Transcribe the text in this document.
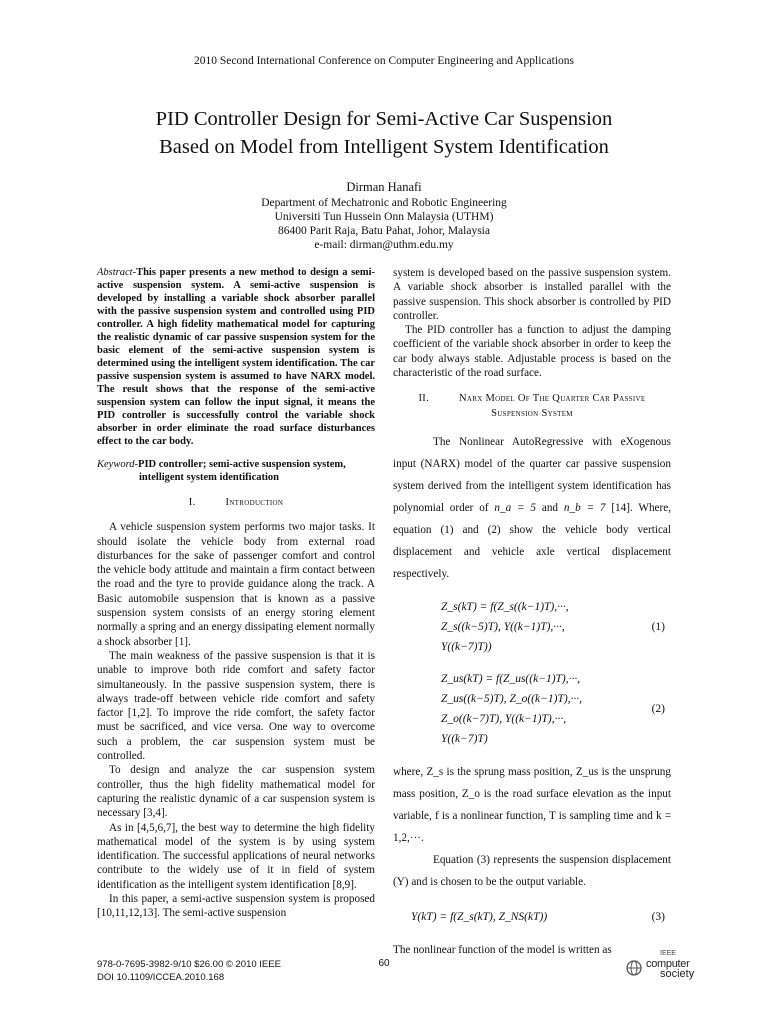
2010 Second International Conference on Computer Engineering and Applications
PID Controller Design for Semi-Active Car Suspension
Based on Model from Intelligent System Identification
Dirman Hanafi
Department of Mechatronic and Robotic Engineering
Universiti Tun Hussein Onn Malaysia (UTHM)
86400 Parit Raja, Batu Pahat, Johor, Malaysia
e-mail: dirman@uthm.edu.my

Abstract-This paper presents a new method to design a semi-active suspension system. A semi-active suspension is developed by installing a variable shock absorber parallel with the passive suspension system and controlled using PID controller. A high fidelity mathematical model for capturing the realistic dynamic of car passive suspension system for the basic element of the semi-active suspension system is determined using the intelligent system identification. The car passive suspension system is assumed to have NARX model. The result shows that the response of the semi-active suspension system can follow the input signal, it means the PID controller is successfully control the variable shock absorber in order eliminate the road surface disturbances effect to the car body.

Keyword-PID controller; semi-active suspension system,
intelligent system identification
I.	Introduction

A vehicle suspension system performs two major tasks. It should isolate the vehicle body from external road disturbances for the sake of passenger comfort and control the vehicle body attitude and maintain a firm contact between the road and the tyre to provide guidance along the track. A Basic automobile suspension that is known as a passive suspension system consists of an energy storing element normally a spring and an energy dissipating element normally a shock absorber [1].

The main weakness of the passive suspension is that it is unable to improve both ride comfort and safety factor simultaneously. In the passive suspension system, there is always trade-off between vehicle ride comfort and safety factor [1,2]. To improve the ride comfort, the safety factor must be sacrificed, and vice versa. One way to overcome such a problem, the car suspension system must be controlled.

To design and analyze the car suspension system controller, thus the high fidelity mathematical model for capturing the realistic dynamic of a car suspension system is necessary [3,4].

As in [4,5,6,7], the best way to determine the high fidelity mathematical model of the system is by using system identification. The successful applications of neural networks contribute to the widely use of it in field of system identification as the intelligent system identification [8,9].

In this paper, a semi-active suspension system is proposed [10,11,12,13]. The semi-active suspension

system is developed based on the passive suspension system. A variable shock absorber is installed parallel with the passive suspension. This shock absorber is controlled by PID controller.

The PID controller has a function to adjust the damping coefficient of the variable shock absorber in order to keep the car body always stable. Adjustable process is based on the characteristic of the road surface.

II.	Narx Model Of The Quarter Car Passive
Suspension System

The Nonlinear AutoRegressive with eXogenous input (NARX) model of the quarter car passive suspension system derived from the intelligent system identification has polynomial order of n_a = 5 and n_b = 7 [14]. Where, equation (1) and (2) show the vehicle body vertical displacement and vehicle axle vertical displacement respectively.

Z_s(kT) = f(Z_s((k−1)T),···,
Z_s((k−5)T), Y((k−1)T),···,
Y((k−7)T))
(1)
Z_us(kT) = f(Z_us((k−1)T),···,
Z_us((k−5)T), Z_o((k−1)T),···,
Z_o((k−7)T), Y((k−1)T),···,
Y((k−7)T)
(2)

where, Z_s is the sprung mass position, Z_us is the unsprung mass position, Z_o is the road surface elevation as the input variable, f is a nonlinear function, T is sampling time and k = 1,2,···.

Equation (3) represents the suspension displacement (Y) and is chosen to be the output variable.

Y(kT) = f(Z_s(kT), Z_NS(kT))	(3)

The nonlinear function of the model is written as

978-0-7695-3982-9/10 $26.00 © 2010 IEEE
DOI 10.1109/ICCEA.2010.168
60
IEEE
computer
society
